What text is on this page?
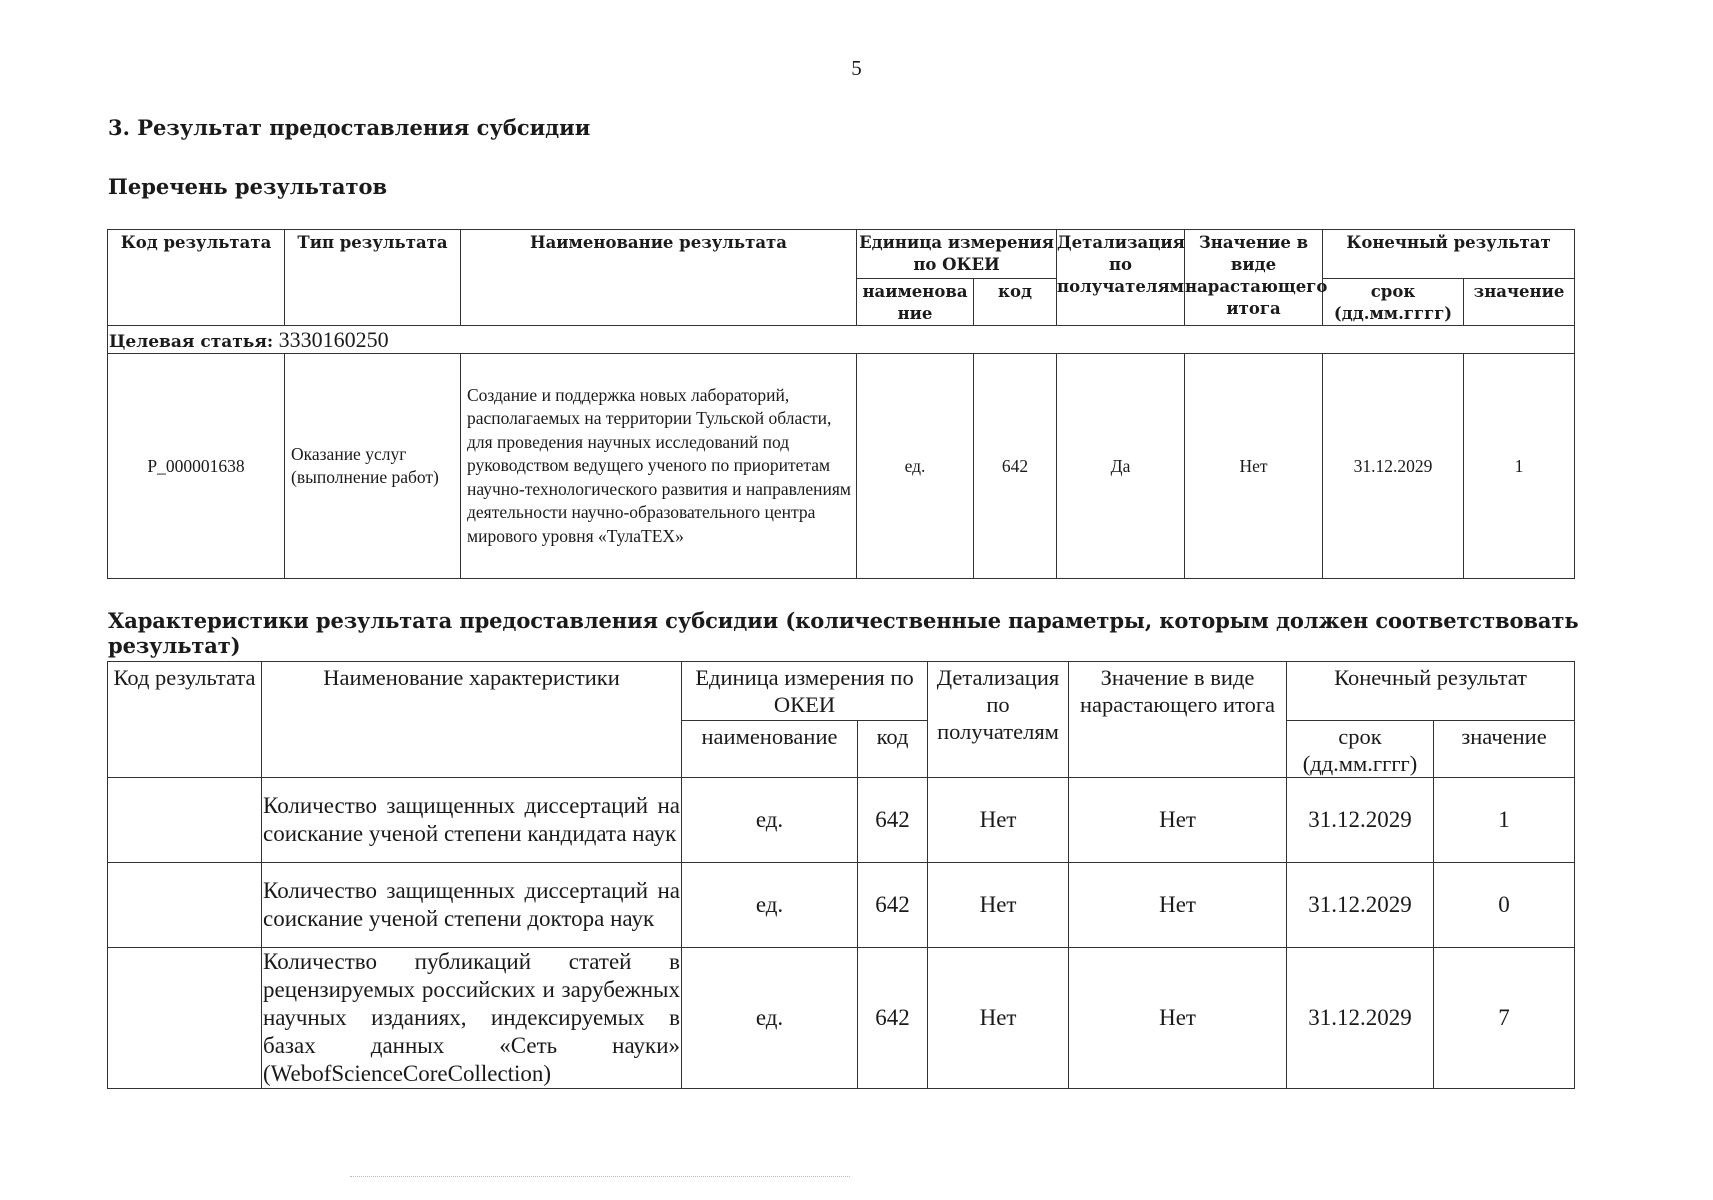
5
3. Результат предоставления субсидии
Перечень результатов
Код результата	Тип результата	Наименование результата	Единица измерения по ОКЕИ		Детализация по получателям	Значение в виде нарастающего итога	Конечный результат	
			наименование	код			срок (дд.мм.гггг)	значение
Целевая статья: 3330160250								
P_000001638	Оказание услуг (выполнение работ)	Создание и поддержка новых лабораторий, располагаемых на территории Тульской области, для проведения научных исследований под руководством ведущего ученого по приоритетам научно-технологического развития и направлениям деятельности научно-образовательного центра мирового уровня «ТулаТЕХ»	ед.	642	Да	Нет	31.12.2029	1
Характеристики результата предоставления субсидии (количественные параметры, которым должен соответствовать результат)
Код результата	Наименование характеристики	Единица измерения по ОКЕИ		Детализация по получателям	Значение в виде нарастающего итога	Конечный результат	
		наименование	код			срок (дд.мм.гггг)	значение
	Количество защищенных диссертаций на соискание ученой степени кандидата наук	ед.	642	Нет	Нет	31.12.2029	1
	Количество защищенных диссертаций на соискание ученой степени доктора наук	ед.	642	Нет	Нет	31.12.2029	0
	Количество публикаций статей в рецензируемых российских и зарубежных научных изданиях, индексируемых в базах данных «Сеть науки» (WebofScienceCoreCollection)	ед.	642	Нет	Нет	31.12.2029	7
